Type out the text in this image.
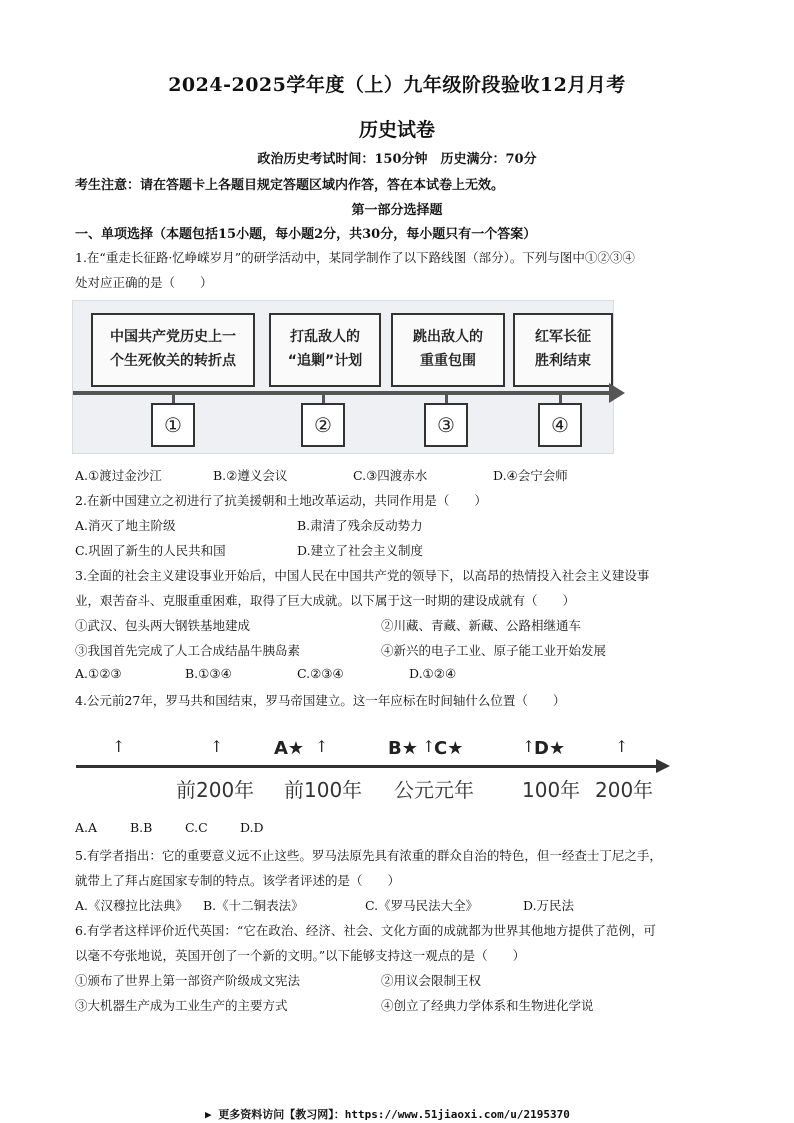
2024-2025学年度（上）九年级阶段验收12月月考
历史试卷
政治历史考试时间：150分钟　历史满分：70分
考生注意：请在答题卡上各题目规定答题区域内作答，答在本试卷上无效。
第一部分选择题
一、单项选择（本题包括15小题，每小题2分，共30分，每小题只有一个答案）
1.在“重走长征路·忆峥嵘岁月”的研学活动中，某同学制作了以下路线图（部分）。下列与图中①②③④
处对应正确的是（　　）
中国共产党历史上一
个生死攸关的转折点
打乱敌人的
“追剿”计划
跳出敌人的
重重包围
红军长征
胜利结束
①	②	③	④
A.①渡过金沙江	B.②遵义会议	C.③四渡赤水	D.④会宁会师
2.在新中国建立之初进行了抗美援朝和土地改革运动，共同作用是（　　）
A.消灭了地主阶级	B.肃清了残余反动势力
C.巩固了新生的人民共和国	D.建立了社会主义制度
3.全面的社会主义建设事业开始后，中国人民在中国共产党的领导下，以高昂的热情投入社会主义建设事
业，艰苦奋斗、克服重重困难，取得了巨大成就。以下属于这一时期的建设成就有（　　）
①武汉、包头两大钢铁基地建成	②川藏、青藏、新藏、公路相继通车
③我国首先完成了人工合成结晶牛胰岛素	④新兴的电子工业、原子能工业开始发展
A.①②③	B.①③④	C.②③④	D.①②④
4.公元前27年，罗马共和国结束，罗马帝国建立。这一年应标在时间轴什么位置（　　）
↑	↑	A★ ↑	B★ ↑
C★	↑
D★	↑
前200年 前100年 公元元年 100年 200年
A.A	B.B	C.C	D.D
5.有学者指出：它的重要意义远不止这些。罗马法原先具有浓重的群众自治的特色，但一经查士丁尼之手，
就带上了拜占庭国家专制的特点。该学者评述的是（　　）
A.《汉穆拉比法典》 B.《十二铜表法》	C.《罗马民法大全》	D.万民法
6.有学者这样评价近代英国：“它在政治、经济、社会、文化方面的成就都为世界其他地方提供了范例，可
以毫不夸张地说，英国开创了一个新的文明。”以下能够支持这一观点的是（　　）
①颁布了世界上第一部资产阶级成文宪法	②用议会限制王权
③大机器生产成为工业生产的主要方式	④创立了经典力学体系和生物进化学说
▶ 更多资料访问【教习网】：https://www.51jiaoxi.com/u/2195370
